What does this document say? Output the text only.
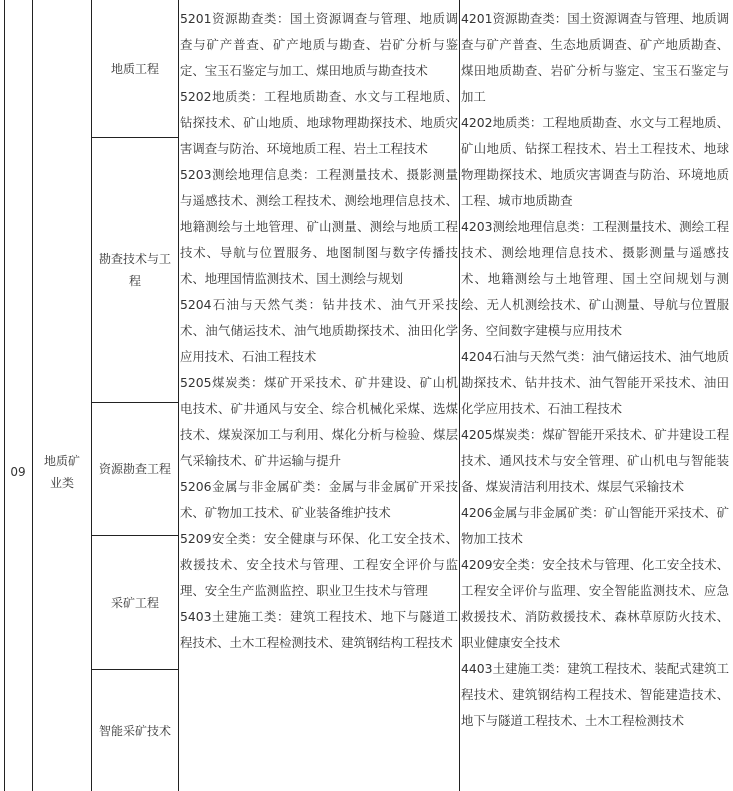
09
地质矿业类
地质工程
勘查技术与工程
资源勘查工程
采矿工程
智能采矿技术

5201资源勘查类：国土资源调查与管理、地质调查与矿产普查、矿产地质与勘查、岩矿分析与鉴定、宝玉石鉴定与加工、煤田地质与勘查技术

5202地质类：工程地质勘查、水文与工程地质、钻探技术、矿山地质、地球物理勘探技术、地质灾害调查与防治、环境地质工程、岩土工程技术

5203测绘地理信息类：工程测量技术、摄影测量与遥感技术、测绘工程技术、测绘地理信息技术、地籍测绘与土地管理、矿山测量、测绘与地质工程技术、导航与位置服务、地图制图与数字传播技术、地理国情监测技术、国土测绘与规划

5204石油与天然气类：钻井技术、油气开采技术、油气储运技术、油气地质勘探技术、油田化学应用技术、石油工程技术

5205煤炭类：煤矿开采技术、矿井建设、矿山机电技术、矿井通风与安全、综合机械化采煤、选煤技术、煤炭深加工与利用、煤化分析与检验、煤层气采输技术、矿井运输与提升

5206金属与非金属矿类：金属与非金属矿开采技术、矿物加工技术、矿业装备维护技术

5209安全类：安全健康与环保、化工安全技术、救援技术、安全技术与管理、工程安全评价与监理、安全生产监测监控、职业卫生技术与管理

5403土建施工类：建筑工程技术、地下与隧道工程技术、土木工程检测技术、建筑钢结构工程技术

4201资源勘查类：国土资源调查与管理、地质调查与矿产普查、生态地质调查、矿产地质勘查、煤田地质勘查、岩矿分析与鉴定、宝玉石鉴定与加工

4202地质类：工程地质勘查、水文与工程地质、矿山地质、钻探工程技术、岩土工程技术、地球物理勘探技术、地质灾害调查与防治、环境地质工程、城市地质勘查

4203测绘地理信息类：工程测量技术、测绘工程技术、测绘地理信息技术、摄影测量与遥感技术、地籍测绘与土地管理、国土空间规划与测绘、无人机测绘技术、矿山测量、导航与位置服务、空间数字建模与应用技术

4204石油与天然气类：油气储运技术、油气地质勘探技术、钻井技术、油气智能开采技术、油田化学应用技术、石油工程技术

4205煤炭类：煤矿智能开采技术、矿井建设工程技术、通风技术与安全管理、矿山机电与智能装备、煤炭清洁利用技术、煤层气采输技术

4206金属与非金属矿类：矿山智能开采技术、矿物加工技术

4209安全类：安全技术与管理、化工安全技术、工程安全评价与监理、安全智能监测技术、应急救援技术、消防救援技术、森林草原防火技术、职业健康安全技术

4403土建施工类：建筑工程技术、装配式建筑工程技术、建筑钢结构工程技术、智能建造技术、地下与隧道工程技术、土木工程检测技术
